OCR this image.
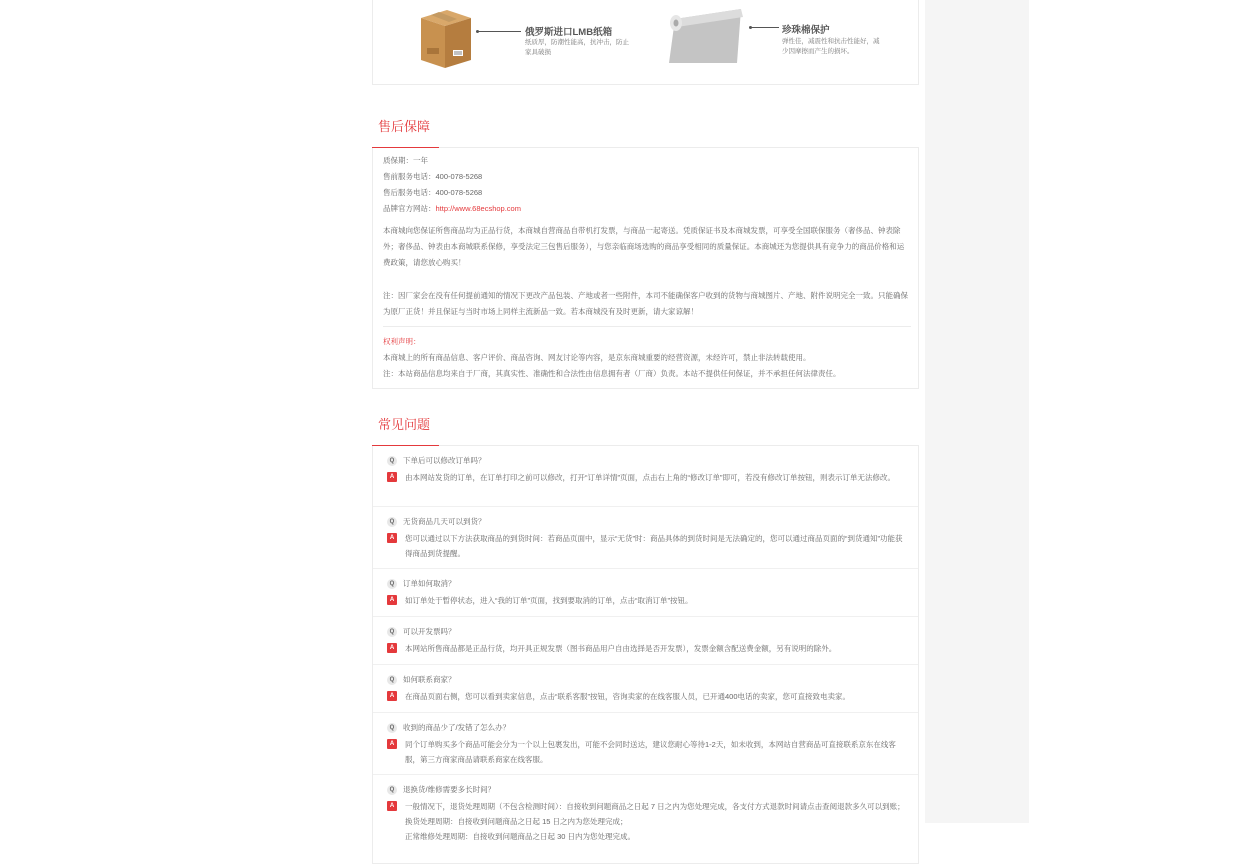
俄罗斯进口LMB纸箱
纸质厚，防潮性能高，抗冲击，防止家具破损
珍珠棉保护
弹性佳，减震性和抗击性能好，减少因摩擦而产生的损坏。
售后保障
质保期：一年
售前服务电话：400-078-5268
售后服务电话：400-078-5268
品牌官方网站：http://www.68ecshop.com
本商城向您保证所售商品均为正品行货，本商城自营商品自带机打发票，与商品一起寄送。凭质保证书及本商城发票，可享受全国联保服务（奢侈品、钟表除外；奢侈品、钟表由本商城联系保修，享受法定三包售后服务），与您亲临商场选购的商品享受相同的质量保证。本商城还为您提供具有竞争力的商品价格和运费政策，请您放心购买！
注：因厂家会在没有任何提前通知的情况下更改产品包装、产地或者一些附件，本司不能确保客户收到的货物与商城图片、产地、附件说明完全一致。只能确保为原厂正货！并且保证与当时市场上同样主流新品一致。若本商城没有及时更新，请大家谅解！
权利声明：
本商城上的所有商品信息、客户评价、商品咨询、网友讨论等内容，是京东商城重要的经营资源，未经许可，禁止非法转载使用。
注：本站商品信息均来自于厂商，其真实性、准确性和合法性由信息拥有者（厂商）负责。本站不提供任何保证，并不承担任何法律责任。
常见问题
Q 下单后可以修改订单吗？
A	由本网站发货的订单，在订单打印之前可以修改，打开“订单详情”页面，点击右上角的“修改订单”即可，若没有修改订单按钮，则表示订单无法修改。
Q 无货商品几天可以到货？
A	您可以通过以下方法获取商品的到货时间：若商品页面中，显示“无货”时：商品具体的到货时间是无法确定的，您可以通过商品页面的“到货通知”功能获得商品到货提醒。
Q 订单如何取消？
A	如订单处于暂停状态，进入“我的订单”页面，找到要取消的订单，点击“取消订单”按钮。
Q 可以开发票吗？
A	本网站所售商品都是正品行货，均开具正规发票（图书商品用户自由选择是否开发票），发票金额含配送费金额，另有说明的除外。
Q 如何联系商家？
A	在商品页面右侧，您可以看到卖家信息，点击“联系客服”按钮，咨询卖家的在线客服人员，已开通400电话的卖家，您可直接致电卖家。
Q 收到的商品少了/发错了怎么办？
A	同个订单购买多个商品可能会分为一个以上包裹发出，可能不会同时送达，建议您耐心等待1-2天，如未收到，本网站自营商品可直接联系京东在线客服，第三方商家商品请联系商家在线客服。
Q 退换货/维修需要多长时间？
A	一般情况下，退货处理周期（不包含检测时间）：自接收到问题商品之日起 7 日之内为您处理完成，各支付方式退款时间请点击查阅退款多久可以到账；
换货处理周期：自接收到问题商品之日起 15 日之内为您处理完成；
正常维修处理周期：自接收到问题商品之日起 30 日内为您处理完成。
